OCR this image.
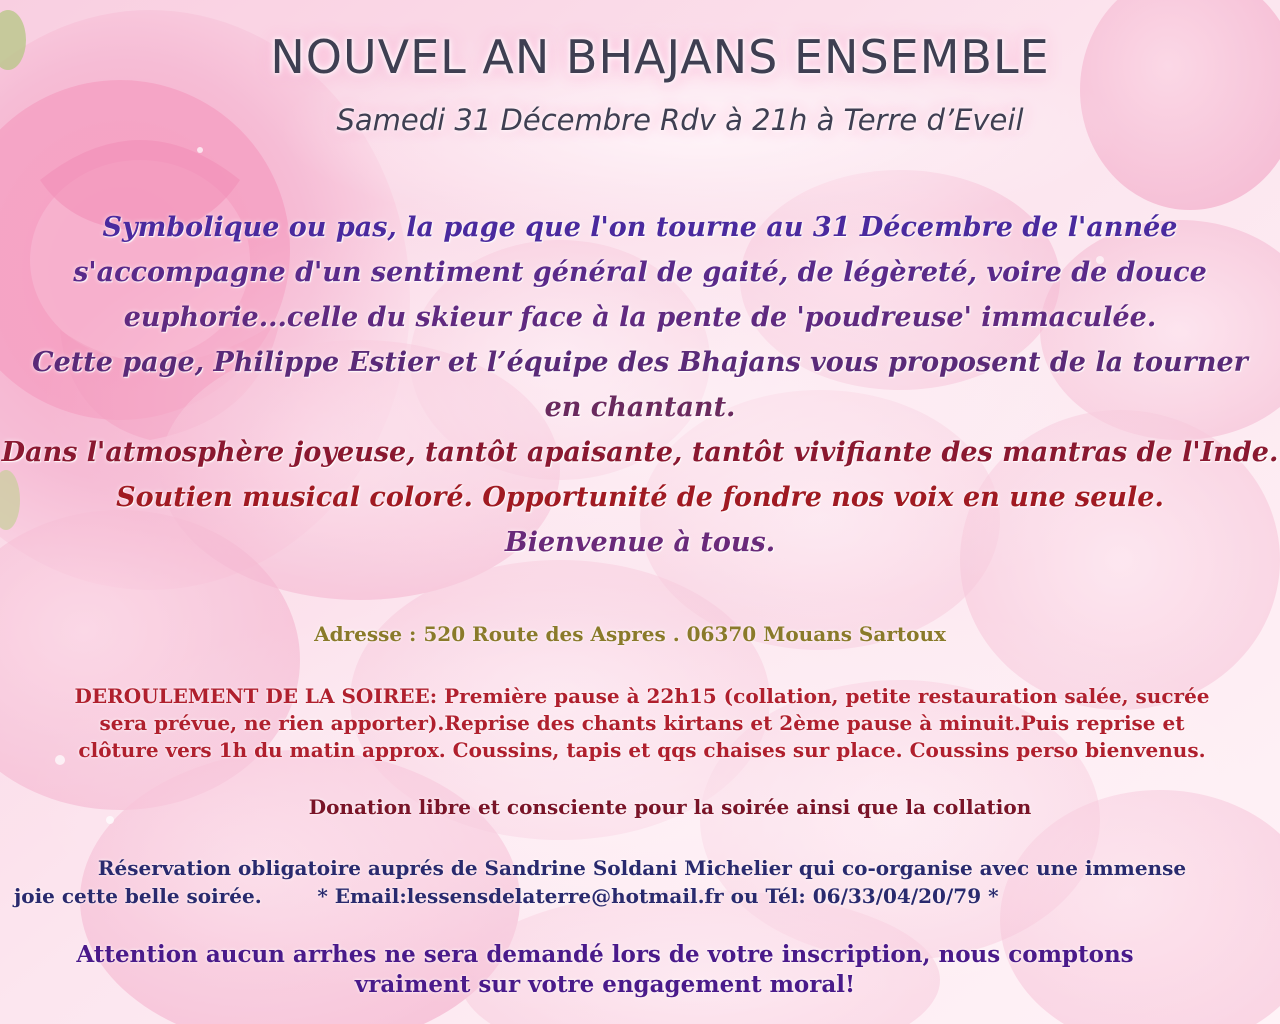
NOUVEL AN BHAJANS ENSEMBLE
Samedi 31 Décembre Rdv à 21h à Terre d’Eveil
Symbolique ou pas, la page que l'on tourne au 31 Décembre de l'année
s'accompagne d'un sentiment général de gaité, de légèreté, voire de douce
euphorie...celle du skieur face à la pente de 'poudreuse' immaculée.
Cette page, Philippe Estier et l’équipe des Bhajans vous proposent de la tourner
en chantant.
Dans l'atmosphère joyeuse, tantôt apaisante, tantôt vivifiante des mantras de l'Inde.
Soutien musical coloré. Opportunité de fondre nos voix en une seule.
Bienvenue à tous.
Adresse : 520 Route des Aspres . 06370 Mouans Sartoux
DEROULEMENT DE LA SOIREE: Première pause à 22h15 (collation, petite restauration salée, sucrée
sera prévue, ne rien apporter).Reprise des chants kirtans et 2ème pause à minuit.Puis reprise et
clôture vers 1h du matin approx. Coussins, tapis et qqs chaises sur place. Coussins perso bienvenus.
Donation libre et consciente pour la soirée ainsi que la collation
Réservation obligatoire auprés de Sandrine Soldani Michelier qui co-organise avec une immense
joie cette belle soirée.        * Email:lessensdelaterre@hotmail.fr ou Tél: 06/33/04/20/79 *
Attention aucun arrhes ne sera demandé lors de votre inscription, nous comptons
vraiment sur votre engagement moral!
